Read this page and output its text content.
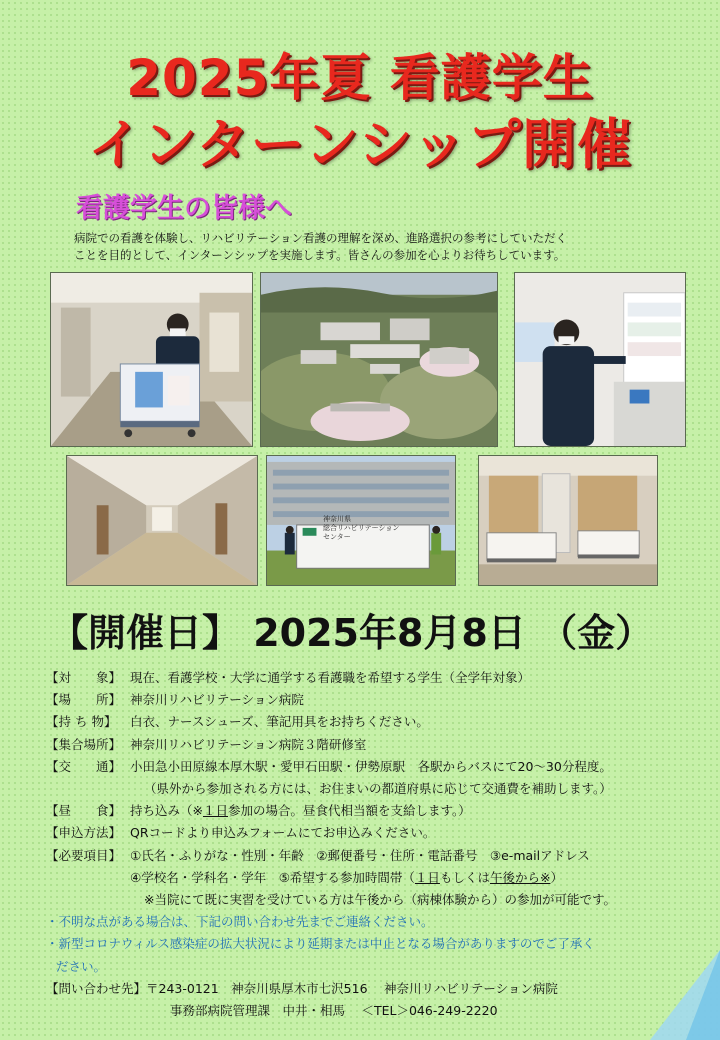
2025年夏 看護学生
インターンシップ開催
看護学生の皆様へ
病院での看護を体験し、リハビリテーション看護の理解を深め、進路選択の参考にしていただく
ことを目的として、インターンシップを実施します。皆さんの参加を心よりお待ちしています。
神奈川県
総合リハビリテーション
センター
【開催日】 2025年8月8日 （金）
【対　　象】 現在、看護学校・大学に通学する看護職を希望する学生（全学年対象）
【場　　所】 神奈川リハビリテーション病院
【持 ち 物】	白衣、ナースシューズ、筆記用具をお持ちください。
【集合場所】 神奈川リハビリテーション病院３階研修室
【交　　通】 小田急小田原線本厚木駅・愛甲石田駅・伊勢原駅　各駅からバスにて20～30分程度。
（県外から参加される方には、お住まいの都道府県に応じて交通費を補助します。）
【昼　　食】 持ち込み（※１日参加の場合。昼食代相当額を支給します。）
【申込方法】 QRコードより申込みフォームにてお申込みください。
【必要項目】 ①氏名・ふりがな・性別・年齢　②郵便番号・住所・電話番号　③e-mailアドレス
④学校名・学科名・学年　⑤希望する参加時間帯（１日もしくは午後から※）
※当院にて既に実習を受けている方は午後から（病棟体験から）の参加が可能です。
・不明な点がある場合は、下記の問い合わせ先までご連絡ください。
・新型コロナウィルス感染症の拡大状況により延期または中止となる場合がありますのでご了承く
ださい。
【問い合わせ先】〒243-0121　神奈川県厚木市七沢516　 神奈川リハビリテーション病院
事務部病院管理課　中井・相馬　 ＜TEL＞046-249-2220
